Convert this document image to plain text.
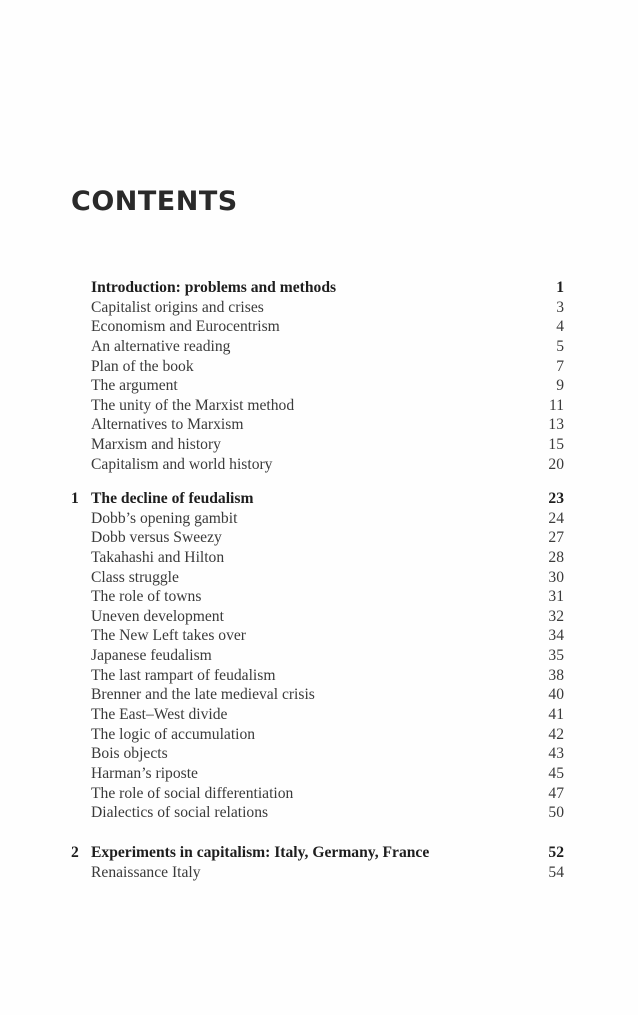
CONTENTS
Introduction: problems and methods	1
Capitalist origins and crises	3
Economism and Eurocentrism	4
An alternative reading	5
Plan of the book	7
The argument	9
The unity of the Marxist method	11
Alternatives to Marxism	13
Marxism and history	15
Capitalism and world history	20
1 The decline of feudalism	23
Dobb’s opening gambit	24
Dobb versus Sweezy	27
Takahashi and Hilton	28
Class struggle	30
The role of towns	31
Uneven development	32
The New Left takes over	34
Japanese feudalism	35
The last rampart of feudalism	38
Brenner and the late medieval crisis	40
The East–West divide	41
The logic of accumulation	42
Bois objects	43
Harman’s riposte	45
The role of social differentiation	47
Dialectics of social relations	50
2 Experiments in capitalism: Italy, Germany, France	52
Renaissance Italy	54
